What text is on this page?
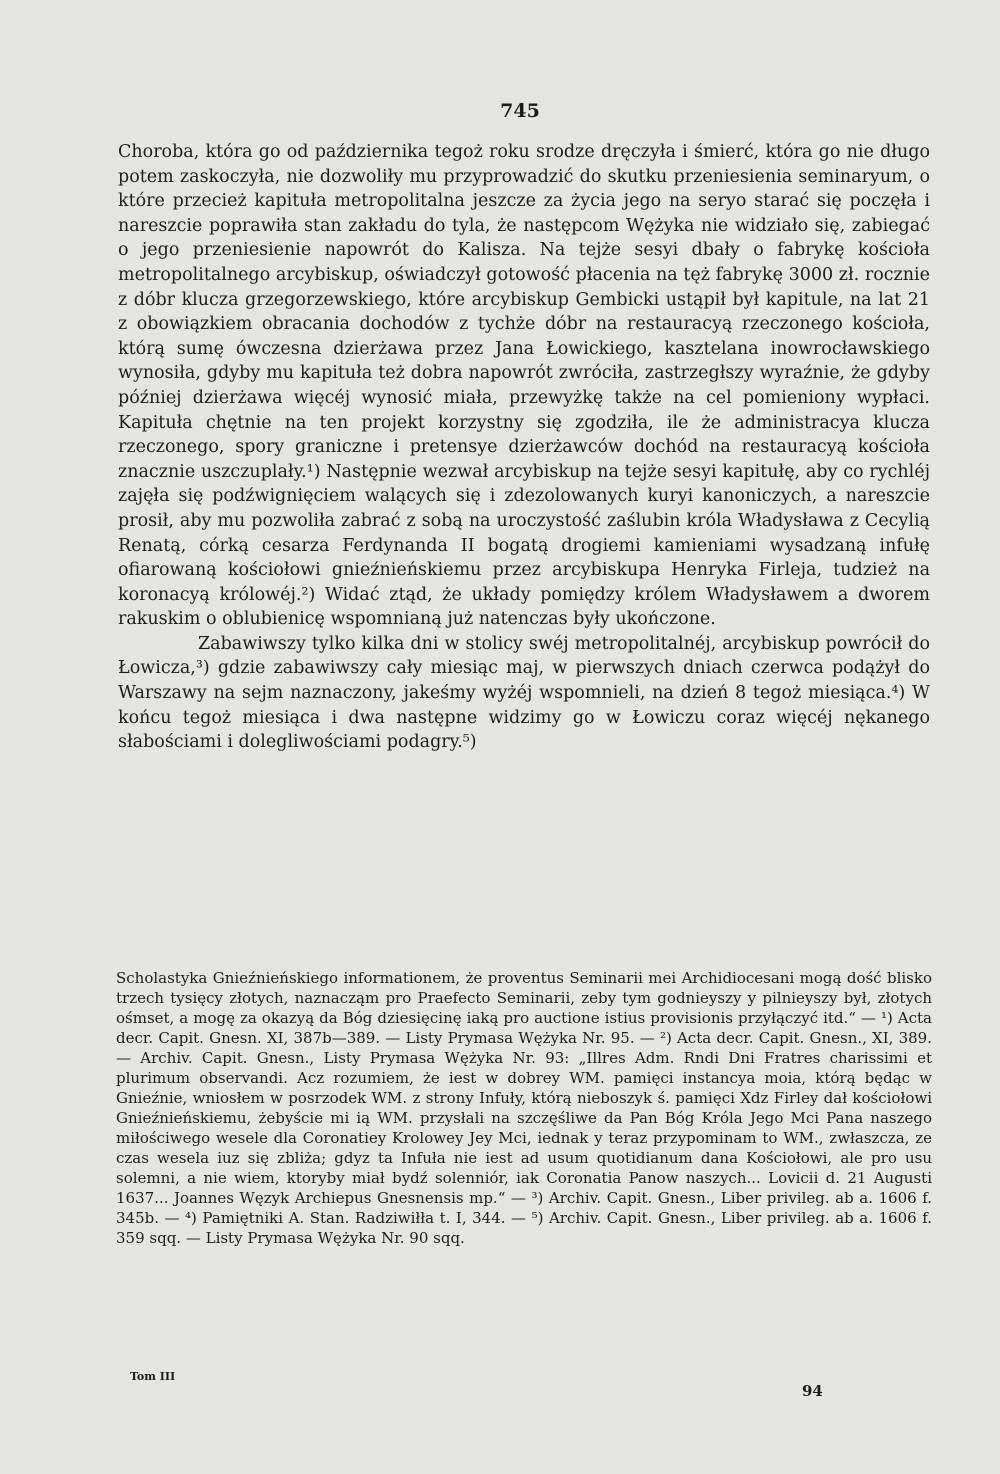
745

Choroba, która go od października tegoż roku srodze dręczyła i śmierć, która go nie długo potem zaskoczyła, nie dozwoliły mu przyprowadzić do skutku przeniesienia seminaryum, o które przecież kapituła metropolitalna jeszcze za życia jego na seryo starać się poczęła i nareszcie poprawiła stan zakładu do tyla, że następcom Wężyka nie widziało się, zabiegać o jego przeniesienie napowrót do Kalisza. Na tejże sesyi dbały o fabrykę kościoła metropolitalnego arcybiskup, oświadczył gotowość płacenia na tęż fabrykę 3000 zł. rocznie z dóbr klucza grzegorzewskiego, które arcybiskup Gembicki ustąpił był kapitule, na lat 21 z obowiązkiem obracania dochodów z tychże dóbr na restauracyą rzeczonego kościoła, którą sumę ówczesna dzierżawa przez Jana Łowickiego, kasztelana inowrocławskiego wynosiła, gdyby mu kapituła też dobra napowrót zwróciła, zastrzegłszy wyraźnie, że gdyby później dzierżawa więcéj wynosić miała, przewyżkę także na cel pomieniony wypłaci. Kapituła chętnie na ten projekt korzystny się zgodziła, ile że administracya klucza rzeczonego, spory graniczne i pretensye dzierżawców dochód na restauracyą kościoła znacznie uszczuplały.¹) Następnie wezwał arcybiskup na tejże sesyi kapitułę, aby co rychléj zajęła się podźwignięciem walących się i zdezolowanych kuryi kanoniczych, a nareszcie prosił, aby mu pozwoliła zabrać z sobą na uroczystość zaślubin króla Władysława z Cecylią Renatą, córką cesarza Ferdynanda II bogatą drogiemi kamieniami wysadzaną infułę ofiarowaną kościołowi gnieźnieńskiemu przez arcybiskupa Henryka Firleja, tudzież na koronacyą królowéj.²) Widać ztąd, że układy pomiędzy królem Władysławem a dworem rakuskim o oblubienicę wspomnianą już natenczas były ukończone.

Zabawiwszy tylko kilka dni w stolicy swéj metropolitalnéj, arcybiskup powrócił do Łowicza,³) gdzie zabawiwszy cały miesiąc maj, w pierwszych dniach czerwca podążył do Warszawy na sejm naznaczony, jakeśmy wyżéj wspomnieli, na dzień 8 tegoż miesiąca.⁴) W końcu tegoż miesiąca i dwa następne widzimy go w Łowiczu coraz więcéj nękanego słabościami i dolegliwościami podagry.⁵)

Scholastyka Gnieźnieńskiego informationem, że proventus Seminarii mei Archidiocesani mogą dość blisko trzech tysięcy złotych, naznacząm pro Praefecto Seminarii, zeby tym godnieyszy y pilnieyszy był, złotych ośmset, a mogę za okazyą da Bóg dziesięcinę iaką pro auctione istius provisionis przyłączyć itd.“ — ¹) Acta decr. Capit. Gnesn. XI, 387b—389. — Listy Prymasa Wężyka Nr. 95. — ²) Acta decr. Capit. Gnesn., XI, 389. — Archiv. Capit. Gnesn., Listy Prymasa Wężyka Nr. 93: „Illres Adm. Rndi Dni Fratres charissimi et plurimum observandi. Acz rozumiem, że iest w dobrey WM. pamięci instancya moia, którą będąc w Gnieźnie, wniosłem w posrzodek WM. z strony Infuły, którą nieboszyk ś. pamięci Xdz Firley dał kościołowi Gnieźnieńskiemu, żebyście mi ią WM. przysłali na szczęśliwe da Pan Bóg Króla Jego Mci Pana naszego miłościwego wesele dla Coronatiey Krolowey Jey Mci, iednak y teraz przypominam to WM., zwłaszcza, ze czas wesela iuz się zbliża; gdyz ta Infuła nie iest ad usum quotidianum dana Kościołowi, ale pro usu solemni, a nie wiem, ktoryby miał bydź solenniór, iak Coronatia Panow naszych... Lovicii d. 21 Augusti 1637... Joannes Węzyk Archiepus Gnesnensis mp.“ — ³) Archiv. Capit. Gnesn., Liber privileg. ab a. 1606 f. 345b. — ⁴) Pamiętniki A. Stan. Radziwiłła t. I, 344. — ⁵) Archiv. Capit. Gnesn., Liber privileg. ab a. 1606 f. 359 sqq. — Listy Prymasa Wężyka Nr. 90 sqq.

Tom III
94
